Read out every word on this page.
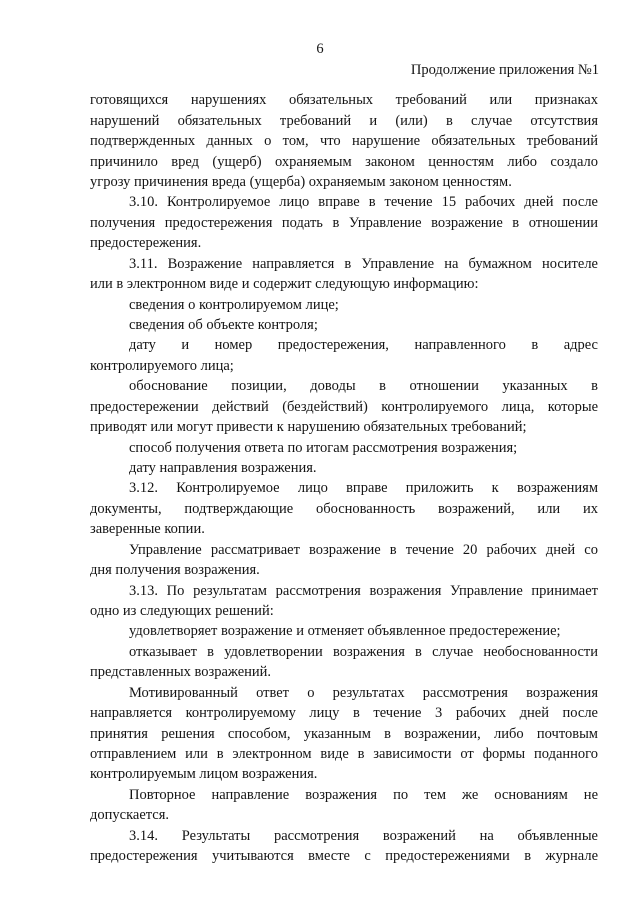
6
Продолжение приложения №1
готовящихся нарушениях обязательных требований или признаках
нарушений обязательных требований и (или) в случае отсутствия
подтвержденных данных о том, что нарушение обязательных требований
причинило вред (ущерб) охраняемым законом ценностям либо создало
угрозу причинения вреда (ущерба) охраняемым законом ценностям.
3.10. Контролируемое лицо вправе в течение 15 рабочих дней после
получения предостережения подать в Управление возражение в отношении
предостережения.
3.11. Возражение направляется в Управление на бумажном носителе
или в электронном виде и содержит следующую информацию:
сведения о контролируемом лице;
сведения об объекте контроля;
дату и номер предостережения, направленного в адрес
контролируемого лица;
обоснование позиции, доводы в отношении указанных в
предостережении действий (бездействий) контролируемого лица, которые
приводят или могут привести к нарушению обязательных требований;
способ получения ответа по итогам рассмотрения возражения;
дату направления возражения.
3.12. Контролируемое лицо вправе приложить к возражениям
документы, подтверждающие обоснованность возражений, или их
заверенные копии.
Управление рассматривает возражение в течение 20 рабочих дней со
дня получения возражения.
3.13. По результатам рассмотрения возражения Управление принимает
одно из следующих решений:
удовлетворяет возражение и отменяет объявленное предостережение;
отказывает в удовлетворении возражения в случае необоснованности
представленных возражений.
Мотивированный ответ о результатах рассмотрения возражения
направляется контролируемому лицу в течение 3 рабочих дней после
принятия решения способом, указанным в возражении, либо почтовым
отправлением или в электронном виде в зависимости от формы поданного
контролируемым лицом возражения.
Повторное направление возражения по тем же основаниям не
допускается.
3.14. Результаты рассмотрения возражений на объявленные
предостережения учитываются вместе с предостережениями в журнале
